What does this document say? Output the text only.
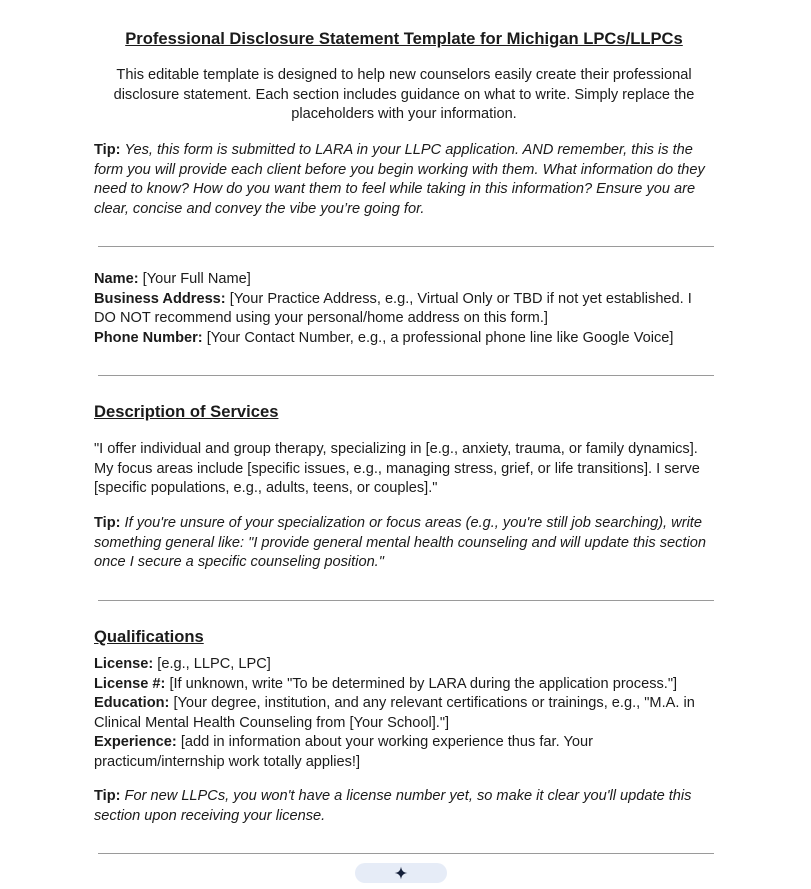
Professional Disclosure Statement Template for Michigan LPCs/LLPCs
This editable template is designed to help new counselors easily create their professional disclosure statement. Each section includes guidance on what to write. Simply replace the placeholders with your information.
Tip: Yes, this form is submitted to LARA in your LLPC application. AND remember, this is the form you will provide each client before you begin working with them. What information do they need to know? How do you want them to feel while taking in this information? Ensure you are clear, concise and convey the vibe you’re going for.
Name: [Your Full Name]
Business Address: [Your Practice Address, e.g., Virtual Only or TBD if not yet established. I DO NOT recommend using your personal/home address on this form.]
Phone Number: [Your Contact Number, e.g., a professional phone line like Google Voice]
Description of Services
"I offer individual and group therapy, specializing in [e.g., anxiety, trauma, or family dynamics]. My focus areas include [specific issues, e.g., managing stress, grief, or life transitions]. I serve [specific populations, e.g., adults, teens, or couples]."
Tip: If you're unsure of your specialization or focus areas (e.g., you're still job searching), write something general like: "I provide general mental health counseling and will update this section once I secure a specific counseling position."
Qualifications
License: [e.g., LLPC, LPC]
License #: [If unknown, write "To be determined by LARA during the application process."]
Education: [Your degree, institution, and any relevant certifications or trainings, e.g., "M.A. in Clinical Mental Health Counseling from [Your School]."]
Experience: [add in information about your working experience thus far. Your practicum/internship work totally applies!]
Tip: For new LLPCs, you won't have a license number yet, so make it clear you'll update this section upon receiving your license.
